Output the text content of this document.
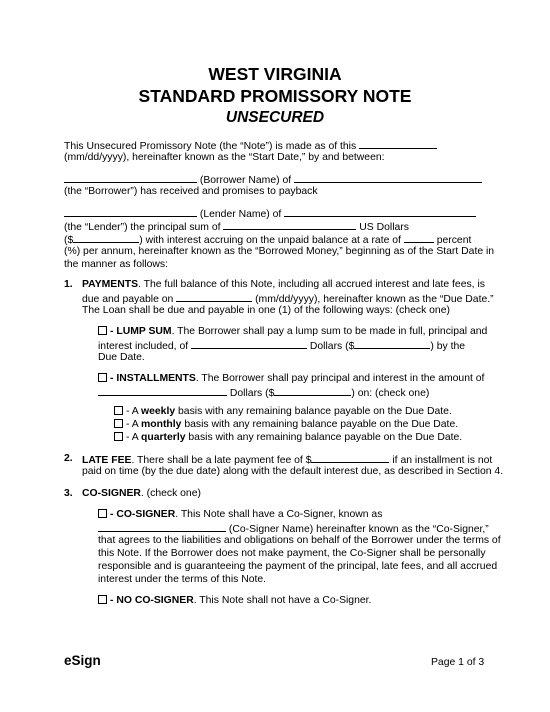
WEST VIRGINIA
STANDARD PROMISSORY NOTE
UNSECURED
This Unsecured Promissory Note (the “Note”) is made as of this
(mm/dd/yyyy), hereinafter known as the “Start Date,” by and between:
(Borrower Name) of
(the “Borrower”) has received and promises to payback
(Lender Name) of
(the “Lender”) the principal sum of	US Dollars
($	) with interest accruing on the unpaid balance at a rate of	percent
(%) per annum, hereinafter known as the “Borrowed Money,” beginning as of the Start Date in
the manner as follows:
1. PAYMENTS. The full balance of this Note, including all accrued interest and late fees, is
due and payable on	(mm/dd/yyyy), hereinafter known as the “Due Date.”
The Loan shall be due and payable in one (1) of the following ways: (check one)
- LUMP SUM. The Borrower shall pay a lump sum to be made in full, principal and
interest included, of	Dollars ($	) by the
Due Date.
- INSTALLMENTS. The Borrower shall pay principal and interest in the amount of
Dollars ($	) on: (check one)
- A weekly basis with any remaining balance payable on the Due Date.
- A monthly basis with any remaining balance payable on the Due Date.
- A quarterly basis with any remaining balance payable on the Due Date.
2. LATE FEE. There shall be a late payment fee of $	if an installment is not
paid on time (by the due date) along with the default interest due, as described in Section 4.
3. CO-SIGNER. (check one)
- CO-SIGNER. This Note shall have a Co-Signer, known as
(Co-Signer Name) hereinafter known as the “Co-Signer,”
that agrees to the liabilities and obligations on behalf of the Borrower under the terms of
this Note. If the Borrower does not make payment, the Co-Signer shall be personally
responsible and is guaranteeing the payment of the principal, late fees, and all accrued
interest under the terms of this Note.
- NO CO-SIGNER. This Note shall not have a Co-Signer.
eSign	Page 1 of 3
